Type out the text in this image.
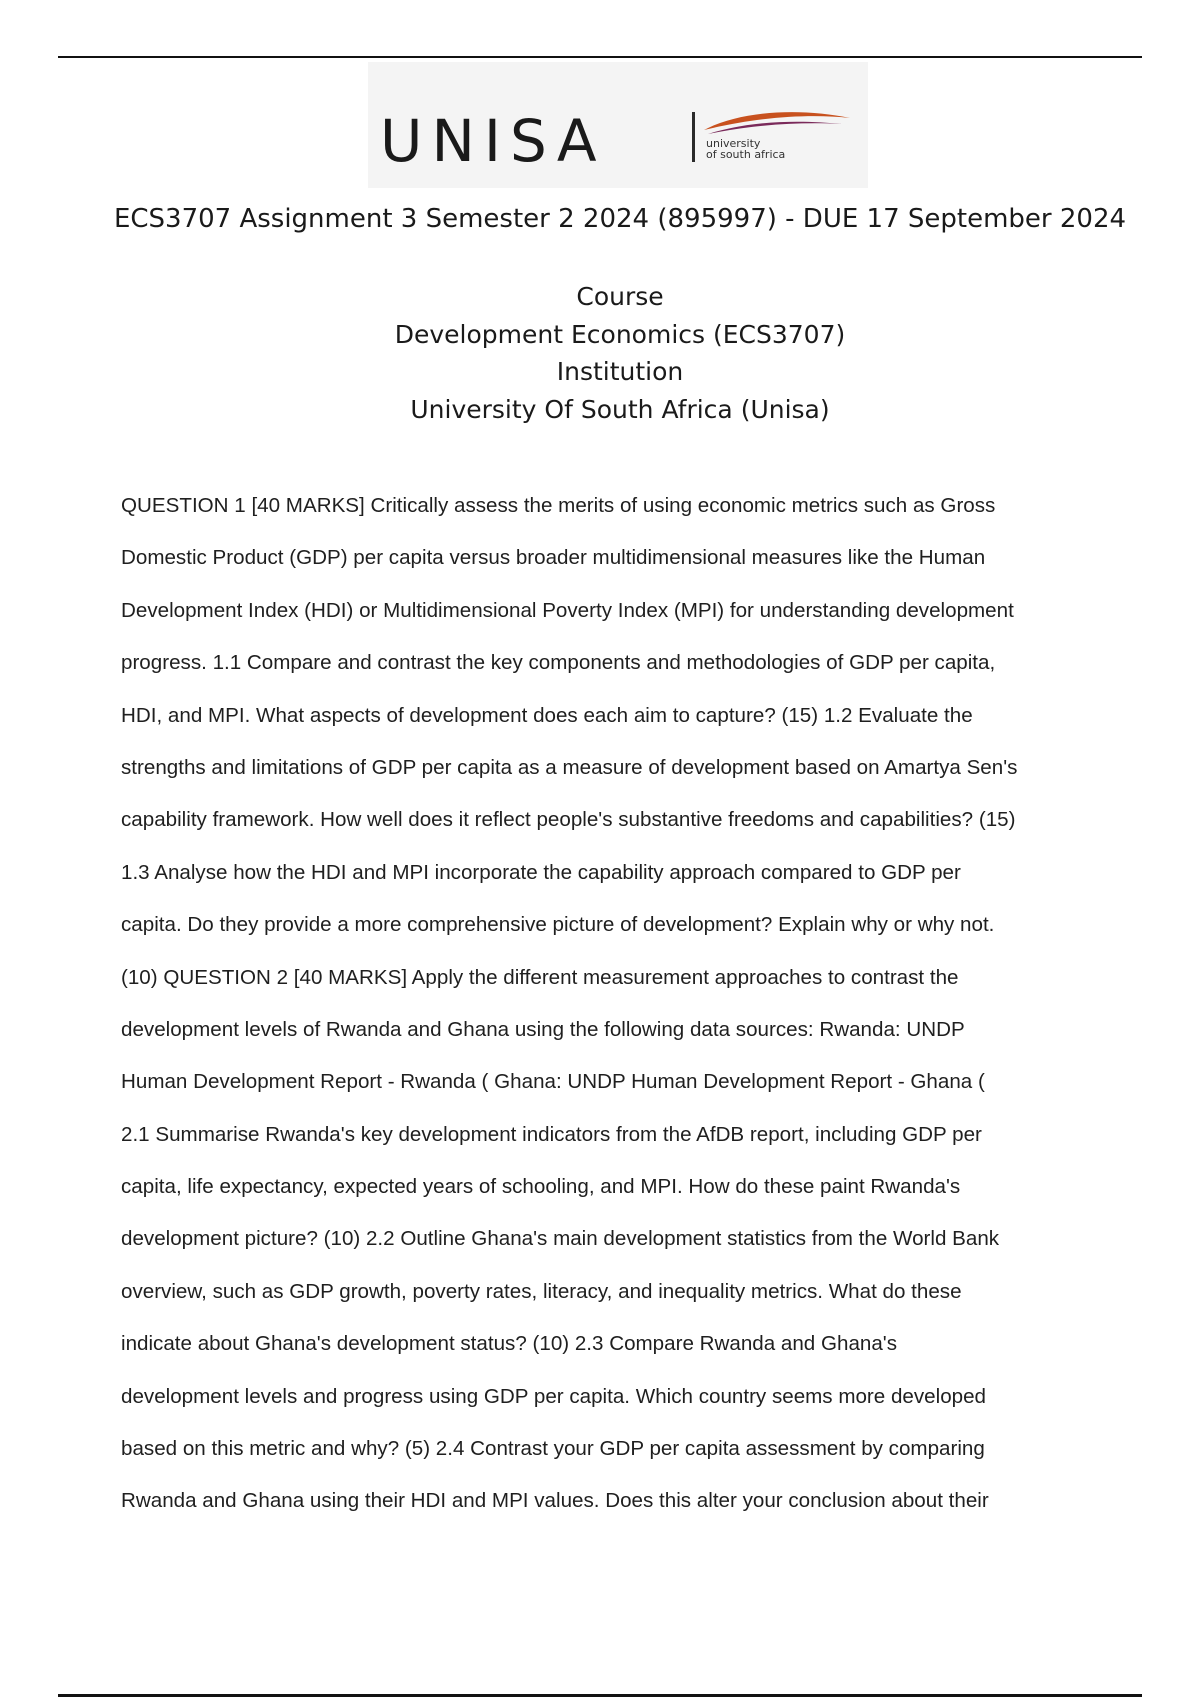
UNISA	university
of south africa
ECS3707 Assignment 3 Semester 2 2024 (895997) - DUE 17 September 2024
Course
Development Economics (ECS3707)
Institution
University Of South Africa (Unisa)
QUESTION 1 [40 MARKS] Critically assess the merits of using economic metrics such as Gross
Domestic Product (GDP) per capita versus broader multidimensional measures like the Human
Development Index (HDI) or Multidimensional Poverty Index (MPI) for understanding development
progress. 1.1 Compare and contrast the key components and methodologies of GDP per capita,
HDI, and MPI. What aspects of development does each aim to capture? (15) 1.2 Evaluate the
strengths and limitations of GDP per capita as a measure of development based on Amartya Sen's
capability framework. How well does it reflect people's substantive freedoms and capabilities? (15)
1.3 Analyse how the HDI and MPI incorporate the capability approach compared to GDP per
capita. Do they provide a more comprehensive picture of development? Explain why or why not.
(10) QUESTION 2 [40 MARKS] Apply the different measurement approaches to contrast the
development levels of Rwanda and Ghana using the following data sources: Rwanda: UNDP
Human Development Report - Rwanda ( Ghana: UNDP Human Development Report - Ghana (
2.1 Summarise Rwanda's key development indicators from the AfDB report, including GDP per
capita, life expectancy, expected years of schooling, and MPI. How do these paint Rwanda's
development picture? (10) 2.2 Outline Ghana's main development statistics from the World Bank
overview, such as GDP growth, poverty rates, literacy, and inequality metrics. What do these
indicate about Ghana's development status? (10) 2.3 Compare Rwanda and Ghana's
development levels and progress using GDP per capita. Which country seems more developed
based on this metric and why? (5) 2.4 Contrast your GDP per capita assessment by comparing
Rwanda and Ghana using their HDI and MPI values. Does this alter your conclusion about their
